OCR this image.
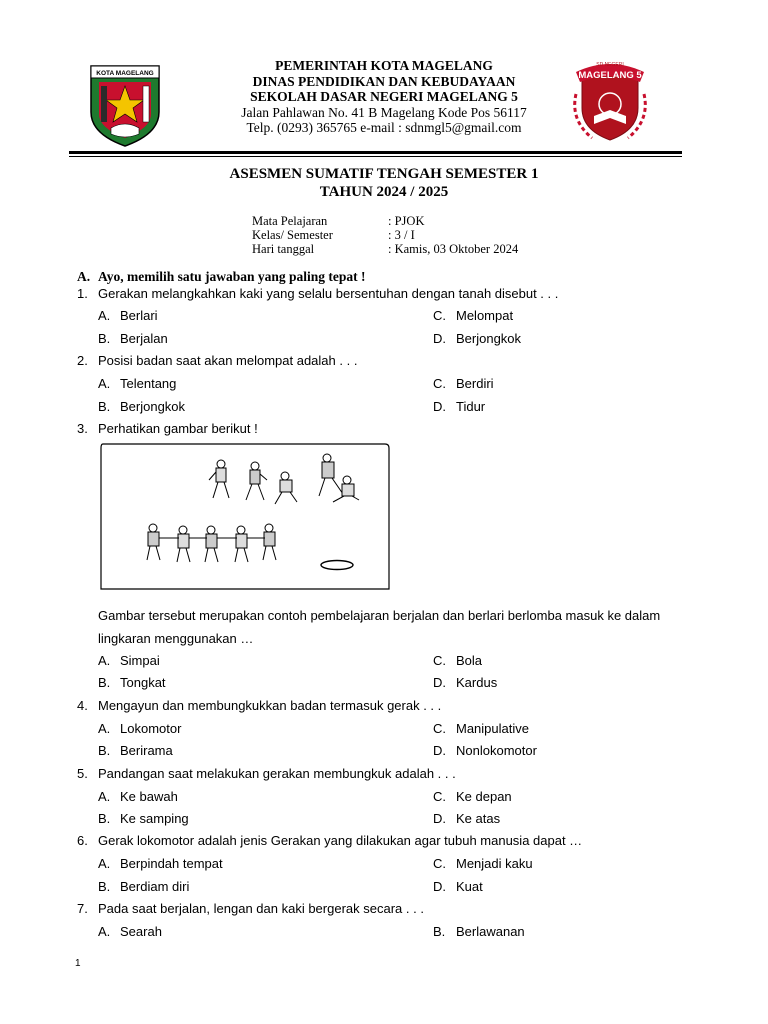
KOTA MAGELANG
PEMERINTAH KOTA MAGELANG
DINAS PENDIDIKAN DAN KEBUDAYAAN
SEKOLAH DASAR NEGERI MAGELANG 5
Jalan Pahlawan No. 41 B Magelang Kode Pos 56117
Telp. (0293) 365765 e-mail : sdnmgl5@gmail.com
SD NEGERI
MAGELANG 5
ASESMEN SUMATIF TENGAH SEMESTER 1
TAHUN 2024 / 2025
Mata Pelajaran	: PJOK
Kelas/ Semester	: 3 / I
Hari tanggal	: Kamis, 03 Oktober 2024
A. Ayo, memilih satu jawaban yang paling tepat !
1. Gerakan melangkahkan kaki yang selalu bersentuhan dengan tanah disebut . . .
A. Berlari	C. Melompat
B. Berjalan	D. Berjongkok
2. Posisi badan saat akan melompat adalah . . .
A. Telentang	C. Berdiri
B. Berjongkok	D. Tidur
3. Perhatikan gambar berikut !
Gambar tersebut merupakan contoh pembelajaran berjalan dan berlari berlomba masuk ke dalam
lingkaran menggunakan …
A. Simpai	C. Bola
B. Tongkat	D. Kardus
4. Mengayun dan membungkukkan badan termasuk gerak . . .
A. Lokomotor	C. Manipulative
B. Berirama	D. Nonlokomotor
5. Pandangan saat melakukan gerakan membungkuk adalah . . .
A. Ke bawah	C. Ke depan
B. Ke samping	D. Ke atas
6. Gerak lokomotor adalah jenis Gerakan yang dilakukan agar tubuh manusia dapat …
A. Berpindah tempat	C. Menjadi kaku
B. Berdiam diri	D. Kuat
7. Pada saat berjalan, lengan dan kaki bergerak secara . . .
A. Searah	B. Berlawanan
1
